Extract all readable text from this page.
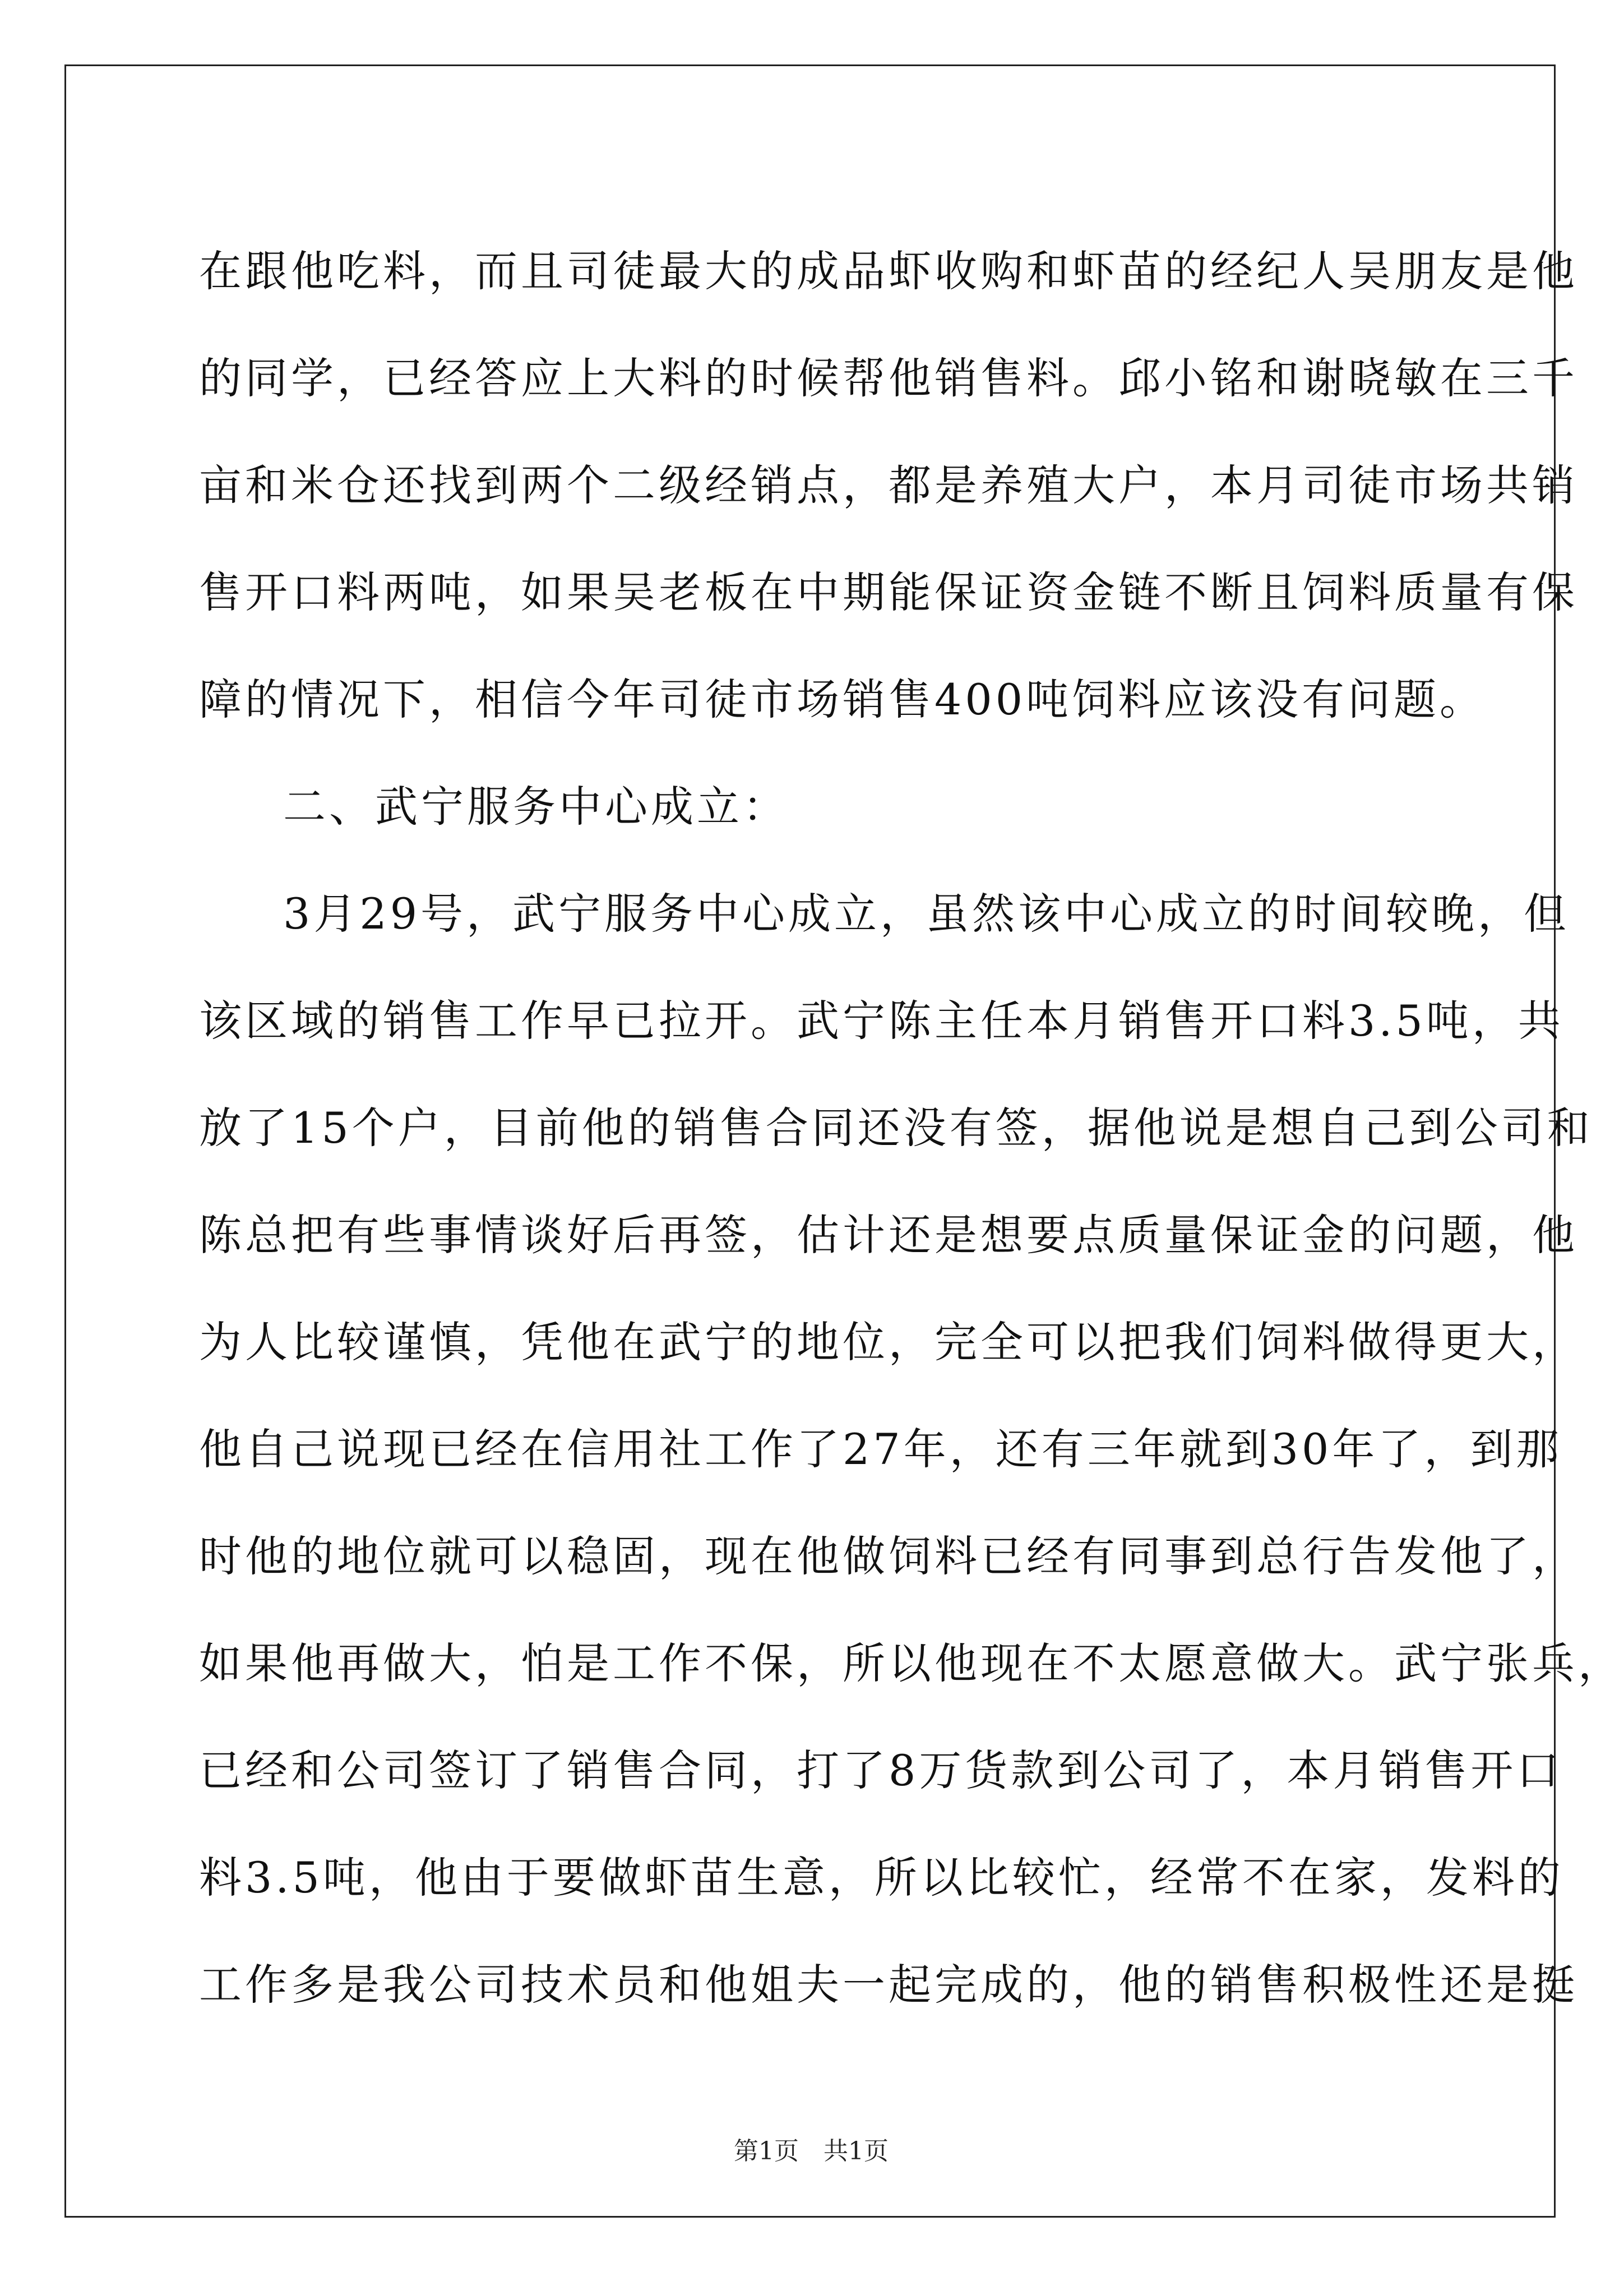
在跟他吃料，而且司徒最大的成品虾收购和虾苗的经纪人吴朋友是他
的同学，已经答应上大料的时候帮他销售料。邱小铭和谢晓敏在三千
亩和米仓还找到两个二级经销点，都是养殖大户，本月司徒市场共销
售开口料两吨，如果吴老板在中期能保证资金链不断且饲料质量有保
障的情况下，相信今年司徒市场销售400吨饲料应该没有问题。
二、武宁服务中心成立：
3月29号，武宁服务中心成立，虽然该中心成立的时间较晚，但
该区域的销售工作早已拉开。武宁陈主任本月销售开口料3.5吨，共
放了15个户，目前他的销售合同还没有签，据他说是想自己到公司和
陈总把有些事情谈好后再签，估计还是想要点质量保证金的问题，他
为人比较谨慎，凭他在武宁的地位，完全可以把我们饲料做得更大，
他自己说现已经在信用社工作了27年，还有三年就到30年了，到那
时他的地位就可以稳固，现在他做饲料已经有同事到总行告发他了，
如果他再做大，怕是工作不保，所以他现在不太愿意做大。武宁张兵，
已经和公司签订了销售合同，打了8万货款到公司了，本月销售开口
料3.5吨，他由于要做虾苗生意，所以比较忙，经常不在家，发料的
工作多是我公司技术员和他姐夫一起完成的，他的销售积极性还是挺
第1页　共1页
